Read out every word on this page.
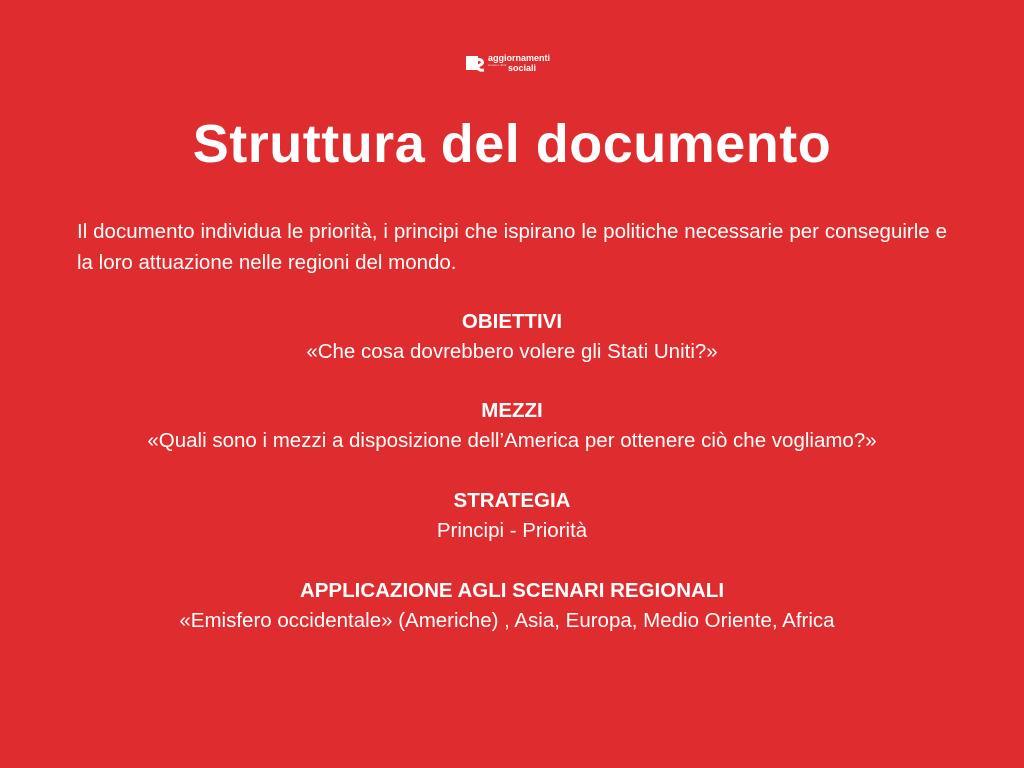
aggiornamenti
scuola e diritti sociali
Struttura del documento
Il documento individua le priorità, i principi che ispirano le politiche necessarie per conseguirle e la loro attuazione nelle regioni del mondo.
OBIETTIVI
«Che cosa dovrebbero volere gli Stati Uniti?»
MEZZI
«Quali sono i mezzi a disposizione dell’America per ottenere ciò che vogliamo?»
STRATEGIA
Principi - Priorità
APPLICAZIONE AGLI SCENARI REGIONALI
«Emisfero occidentale» (Americhe) , Asia, Europa, Medio Oriente, Africa
